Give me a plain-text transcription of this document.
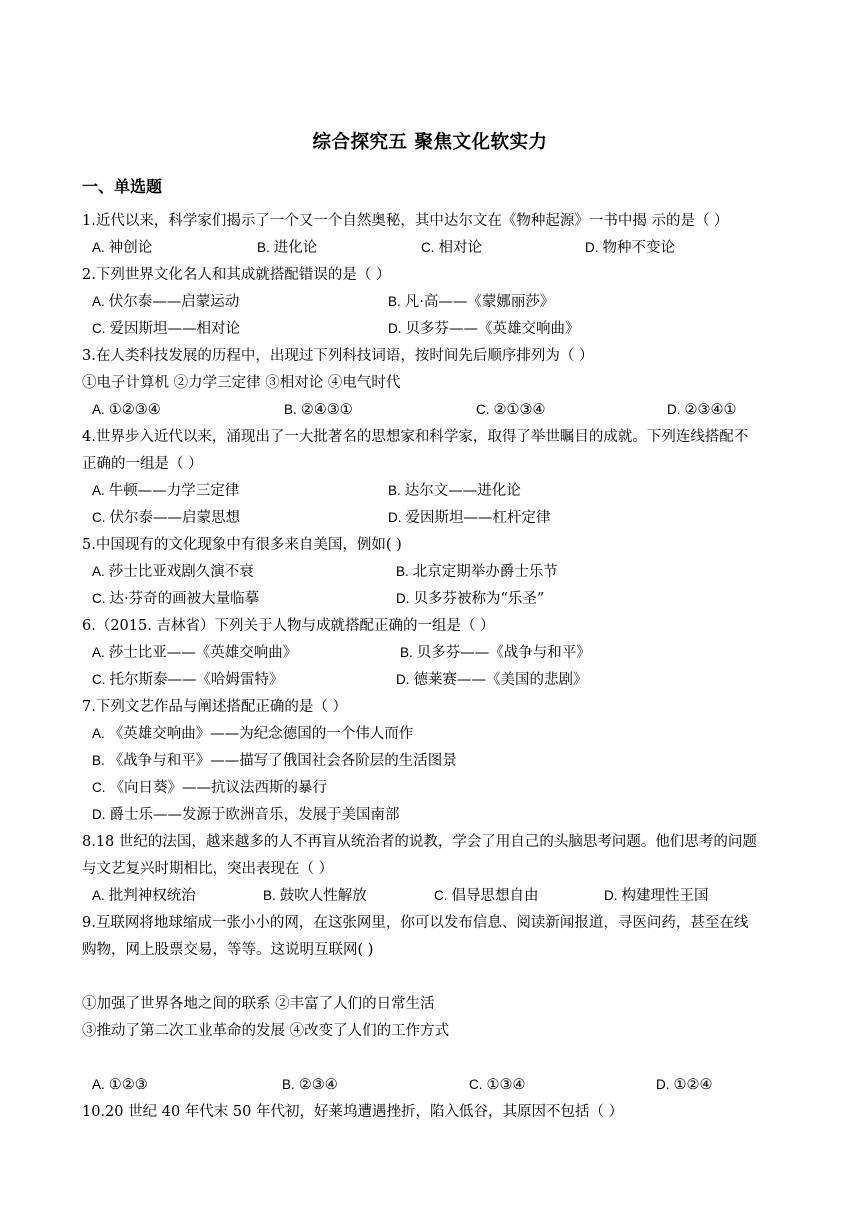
综合探究五 聚焦文化软实力
一、单选题
1.近代以来，科学家们揭示了一个又一个自然奥秘，其中达尔文在《物种起源》一书中揭 示的是（ ）
A. 神创论	B. 进化论	C. 相对论	D. 物种不变论
2.下列世界文化名人和其成就搭配错误的是（ ）
A. 伏尔泰——启蒙运动	B. 凡·高——《蒙娜丽莎》
C. 爱因斯坦——相对论	D. 贝多芬——《英雄交响曲》
3.在人类科技发展的历程中，出现过下列科技词语，按时间先后顺序排列为（ ）
①电子计算机 ②力学三定律 ③相对论 ④电气时代
A. ①②③④	B. ②④③①	C. ②①③④	D. ②③④①
4.世界步入近代以来，涌现出了一大批著名的思想家和科学家，取得了举世瞩目的成就。下列连线搭配不
正确的一组是（ ）
A. 牛顿——力学三定律	B. 达尔文——进化论
C. 伏尔泰——启蒙思想	D. 爱因斯坦——杠杆定律
5.中国现有的文化现象中有很多来自美国，例如( )
A. 莎士比亚戏剧久演不衰	B. 北京定期举办爵士乐节
C. 达·芬奇的画被大量临摹	D. 贝多芬被称为“乐圣”
6.（2015. 吉林省）下列关于人物与成就搭配正确的一组是（ ）
A. 莎士比亚——《英雄交响曲》	B. 贝多芬——《战争与和平》
C. 托尔斯泰——《哈姆雷特》	D. 德莱赛——《美国的悲剧》
7.下列文艺作品与阐述搭配正确的是（ ）
A. 《英雄交响曲》——为纪念德国的一个伟人而作
B. 《战争与和平》——描写了俄国社会各阶层的生活图景
C. 《向日葵》——抗议法西斯的暴行
D. 爵士乐——发源于欧洲音乐，发展于美国南部
8.18 世纪的法国，越来越多的人不再盲从统治者的说教，学会了用自己的头脑思考问题。他们思考的问题
与文艺复兴时期相比，突出表现在（ ）
A. 批判神权统治	B. 鼓吹人性解放	C. 倡导思想自由	D. 构建理性王国
9.互联网将地球缩成一张小小的网，在这张网里，你可以发布信息、阅读新闻报道，寻医问药，甚至在线
购物，网上股票交易，等等。这说明互联网( )
①加强了世界各地之间的联系 ②丰富了人们的日常生活
③推动了第二次工业革命的发展 ④改变了人们的工作方式
A. ①②③	B. ②③④	C. ①③④	D. ①②④
10.20 世纪 40 年代末 50 年代初，好莱坞遭遇挫折，陷入低谷，其原因不包括（ ）
